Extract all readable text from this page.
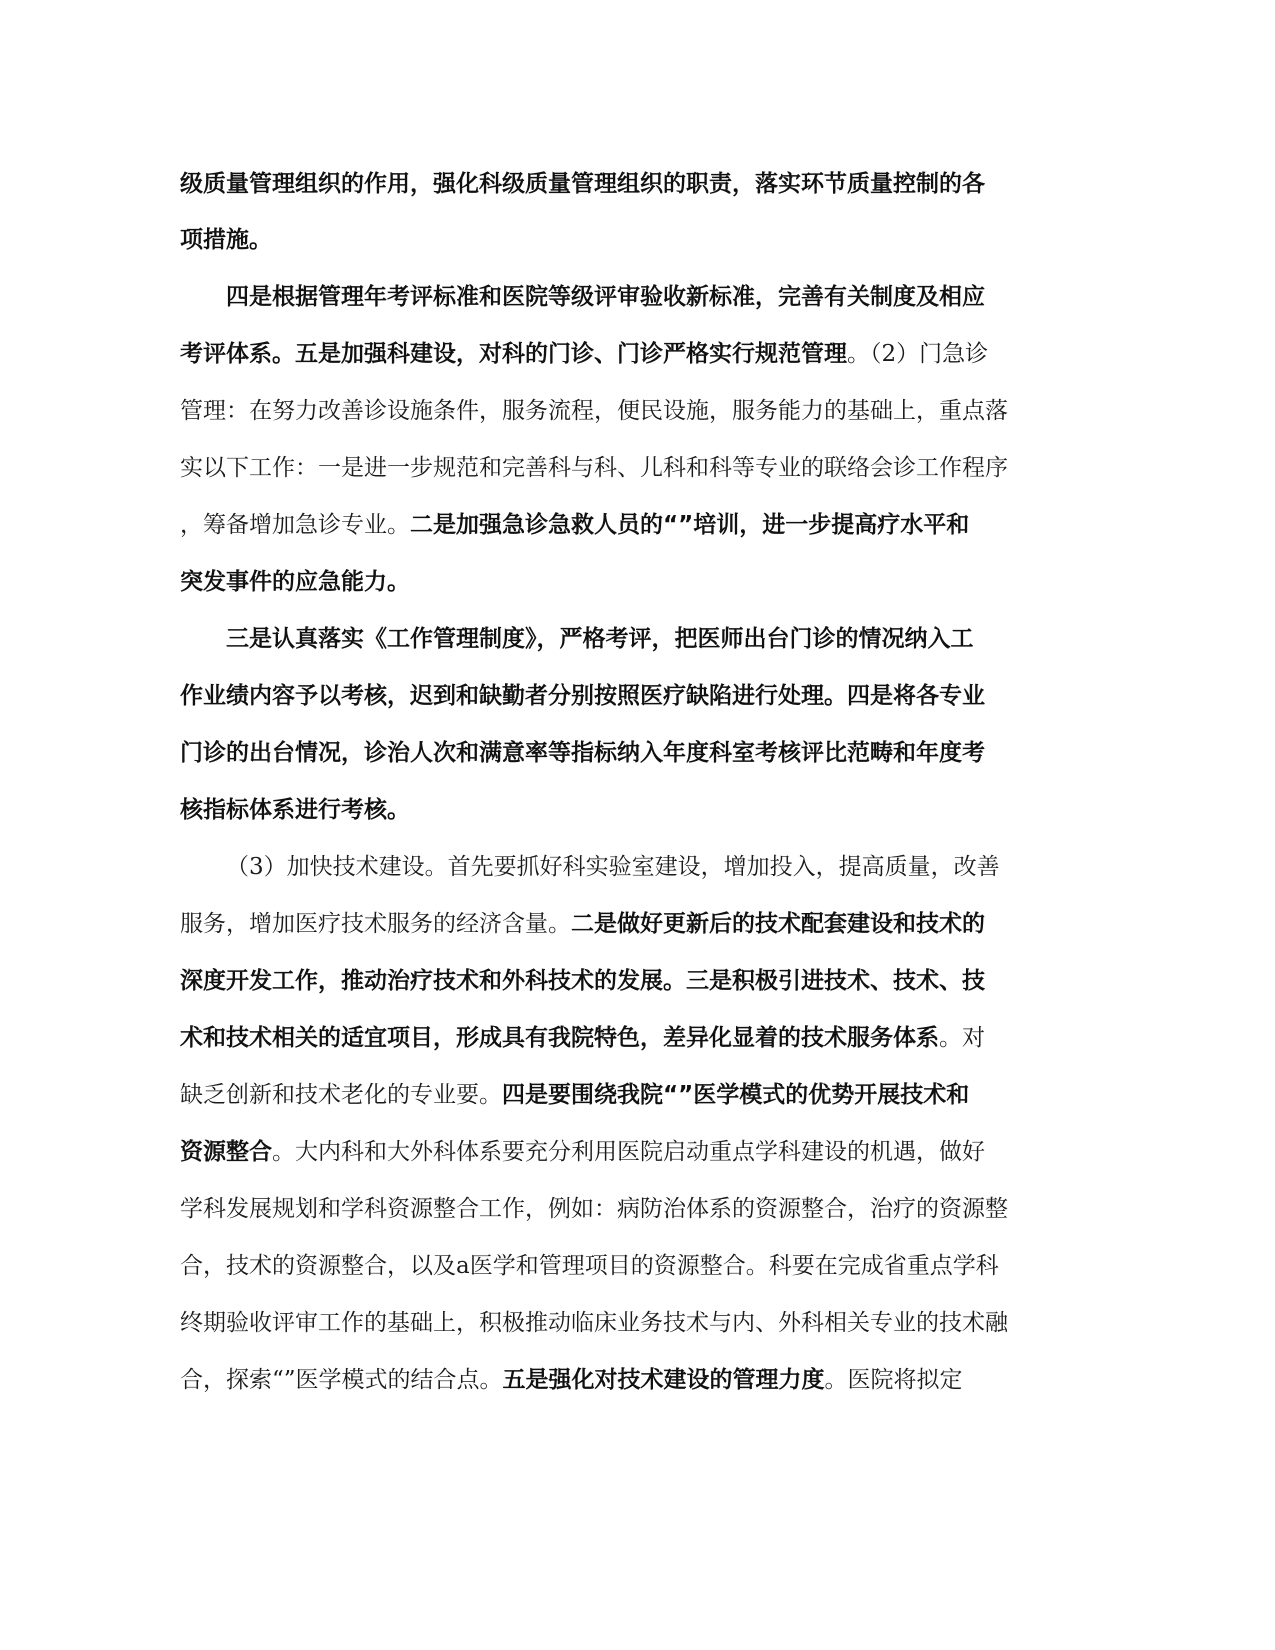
级质量管理组织的作用，强化科级质量管理组织的职责，落实环节质量控制的各
项措施。
四是根据管理年考评标准和医院等级评审验收新标准，完善有关制度及相应
考评体系。五是加强科建设，对科的门诊、门诊严格实行规范管理。（2）门急诊
管理：在努力改善诊设施条件，服务流程，便民设施，服务能力的基础上，重点落
实以下工作：一是进一步规范和完善科与科、儿科和科等专业的联络会诊工作程序
，筹备增加急诊专业。二是加强急诊急救人员的“”培训，进一步提高疗水平和
突发事件的应急能力。
三是认真落实《工作管理制度》，严格考评，把医师出台门诊的情况纳入工
作业绩内容予以考核，迟到和缺勤者分别按照医疗缺陷进行处理。四是将各专业
门诊的出台情况，诊治人次和满意率等指标纳入年度科室考核评比范畴和年度考
核指标体系进行考核。
（3）加快技术建设。首先要抓好科实验室建设，增加投入，提高质量，改善
服务，增加医疗技术服务的经济含量。二是做好更新后的技术配套建设和技术的
深度开发工作，推动治疗技术和外科技术的发展。三是积极引进技术、技术、技
术和技术相关的适宜项目，形成具有我院特色，差异化显着的技术服务体系。对
缺乏创新和技术老化的专业要。四是要围绕我院“”医学模式的优势开展技术和
资源整合。大内科和大外科体系要充分利用医院启动重点学科建设的机遇，做好
学科发展规划和学科资源整合工作，例如：病防治体系的资源整合，治疗的资源整
合，技术的资源整合，以及a医学和管理项目的资源整合。科要在完成省重点学科
终期验收评审工作的基础上，积极推动临床业务技术与内、外科相关专业的技术融
合，探索“”医学模式的结合点。五是强化对技术建设的管理力度。医院将拟定
